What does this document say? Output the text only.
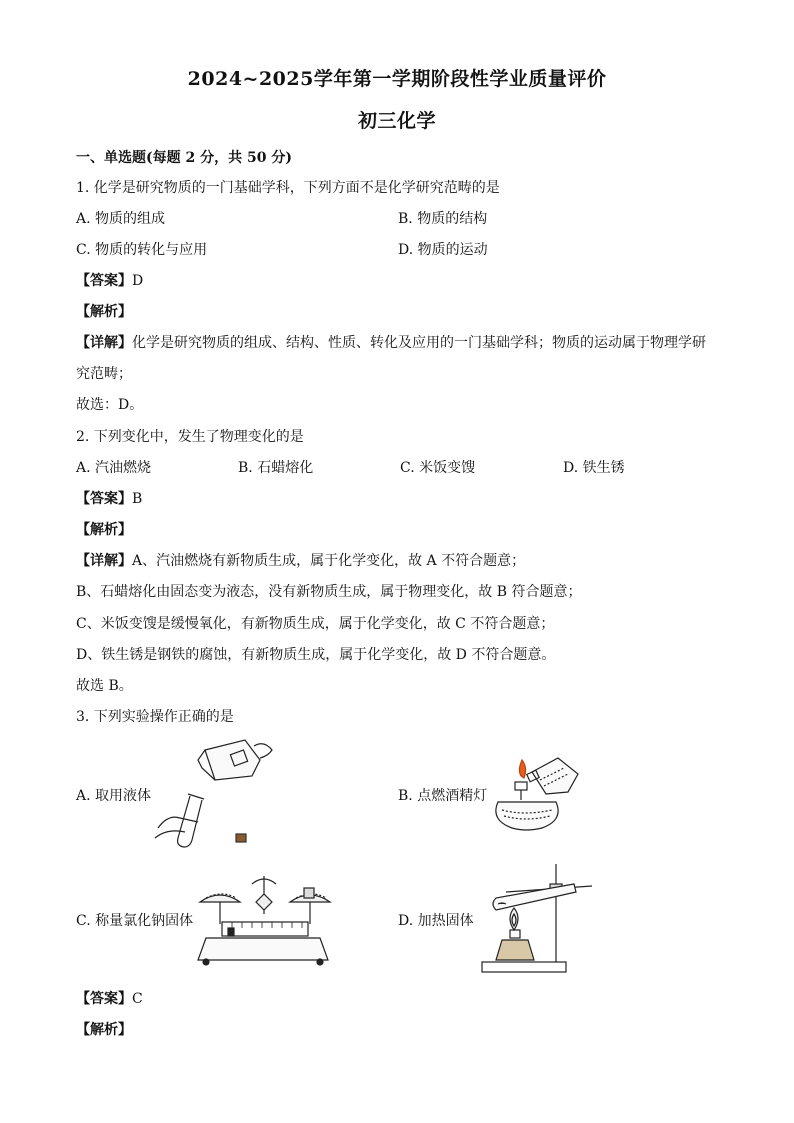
2024~2025学年第一学期阶段性学业质量评价
初三化学
一、单选题(每题 2 分，共 50 分)
1. 化学是研究物质的一门基础学科，下列方面不是化学研究范畴的是
A. 物质的组成	B. 物质的结构
C. 物质的转化与应用	D. 物质的运动
【答案】D
【解析】
【详解】化学是研究物质的组成、结构、性质、转化及应用的一门基础学科；物质的运动属于物理学研
究范畴；
故选：D。
2. 下列变化中，发生了物理变化的是
A. 汽油燃烧	B. 石蜡熔化	C. 米饭变馊	D. 铁生锈
【答案】B
【解析】
【详解】A、汽油燃烧有新物质生成，属于化学变化，故 A 不符合题意；
B、石蜡熔化由固态变为液态，没有新物质生成，属于物理变化，故 B 符合题意；
C、米饭变馊是缓慢氧化，有新物质生成，属于化学变化，故 C 不符合题意；
D、铁生锈是钢铁的腐蚀，有新物质生成，属于化学变化，故 D 不符合题意。
故选 B。
3. 下列实验操作正确的是
A. 取用液体	B. 点燃酒精灯
C. 称量氯化钠固体	D. 加热固体
【答案】C
【解析】
